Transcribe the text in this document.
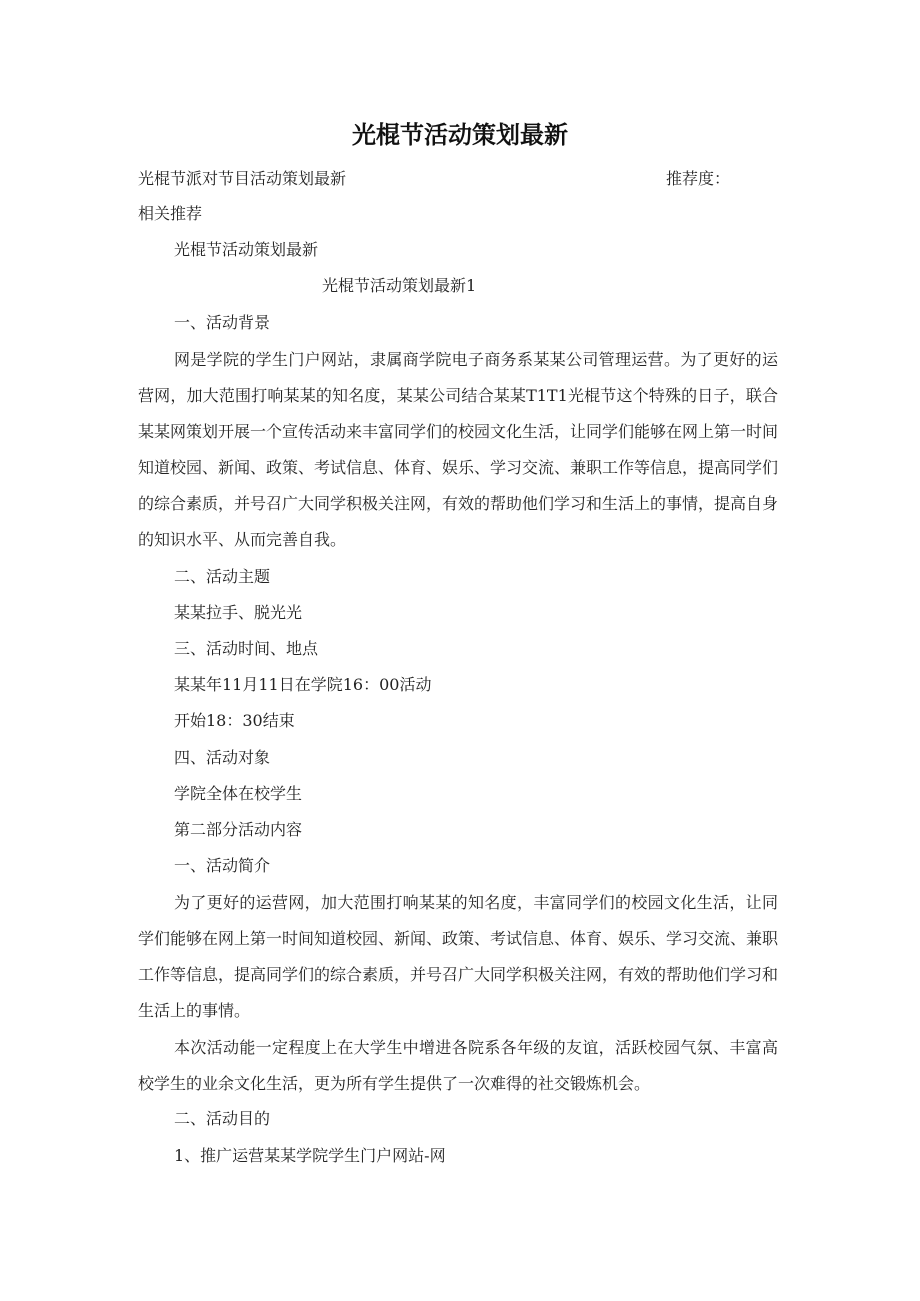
光棍节活动策划最新
光棍节派对节目活动策划最新	推荐度：
相关推荐
光棍节活动策划最新
光棍节活动策划最新1
一、活动背景

网是学院的学生门户网站，隶属商学院电子商务系某某公司管理运营。为了更好的运营网，加大范围打响某某的知名度，某某公司结合某某T1T1光棍节这个特殊的日子，联合某某网策划开展一个宣传活动来丰富同学们的校园文化生活，让同学们能够在网上第一时间知道校园、新闻、政策、考试信息、体育、娱乐、学习交流、兼职工作等信息，提高同学们的综合素质，并号召广大同学积极关注网，有效的帮助他们学习和生活上的事情，提高自身的知识水平、从而完善自我。

二、活动主题
某某拉手、脱光光
三、活动时间、地点
某某年11月11日在学院16：00活动
开始18：30结束
四、活动对象
学院全体在校学生
第二部分活动内容
一、活动简介

为了更好的运营网，加大范围打响某某的知名度，丰富同学们的校园文化生活，让同学们能够在网上第一时间知道校园、新闻、政策、考试信息、体育、娱乐、学习交流、兼职工作等信息，提高同学们的综合素质，并号召广大同学积极关注网，有效的帮助他们学习和生活上的事情。

本次活动能一定程度上在大学生中增进各院系各年级的友谊，活跃校园气氛、丰富高校学生的业余文化生活，更为所有学生提供了一次难得的社交锻炼机会。

二、活动目的
1、推广运营某某学院学生门户网站-网
